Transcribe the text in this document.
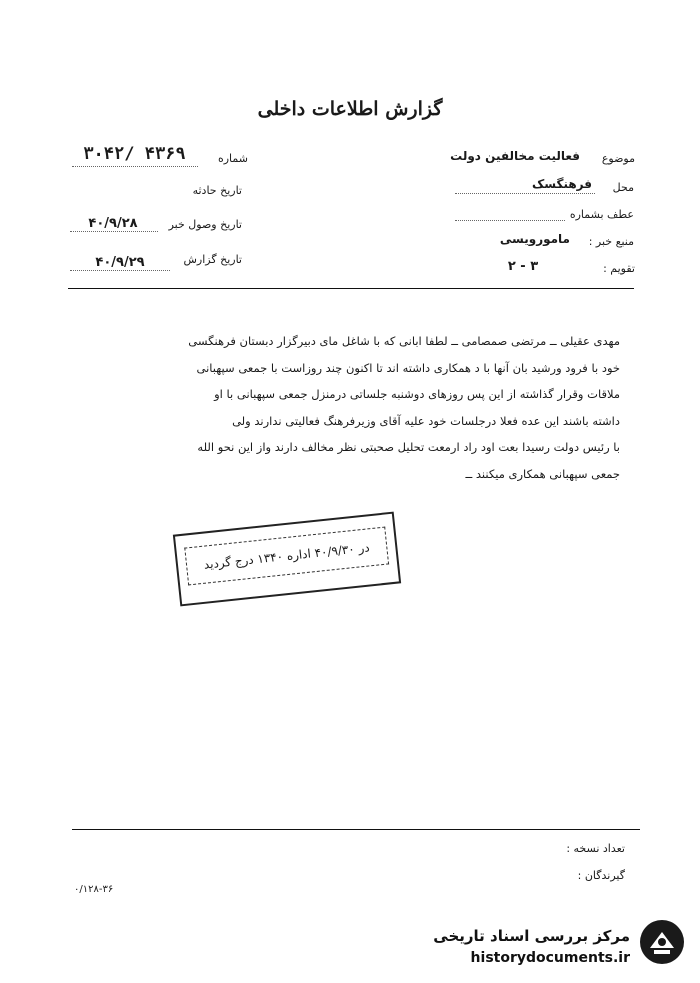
گزارش اطلاعات داخلی
شماره
۳۰۴۲/ ۴۳۶۹
تاریخ حادثه
تاریخ وصول خبر
۴۰/۹/۲۸
تاریخ گزارش
۴۰/۹/۲۹
موضوع
فعالیت مخالفین دولت
محل
فرهنگسک
عطف بشماره
منبع خبر :
مامورویسی
تقویم :
۲ - ۳
مهدی عقیلی ــ مرتضی صمصامی ــ لطفا ابانی که با شاغل مای دبیرگزار دبستان فرهنگسی
خود با فرود ورشید بان آنها با د همکاری داشته اند تا اکنون چند روزاست با جمعی سپهبانی
ملاقات وقرار گذاشته از این پس روزهای دوشنبه جلساتی درمنزل جمعی سپهبانی با او
داشته باشند این عده فعلا درجلسات خود علیه آقای وزیرفرهنگ فعالیتی ندارند ولی
با رئیس دولت رسیدا بعت اود راد ارمعت تحلیل صحبتی نظر مخالف دارند واز این نحو الله
جمعی سپهبانی همکاری میکنند ــ
در ۴۰/۹/۳۰ اداره ۱۳۴۰ درج گردید
تعداد نسخه :
گیرندگان :
۰/۱۲۸-۳۶
مرکز بررسی اسناد تاریخی
historydocuments.ir
